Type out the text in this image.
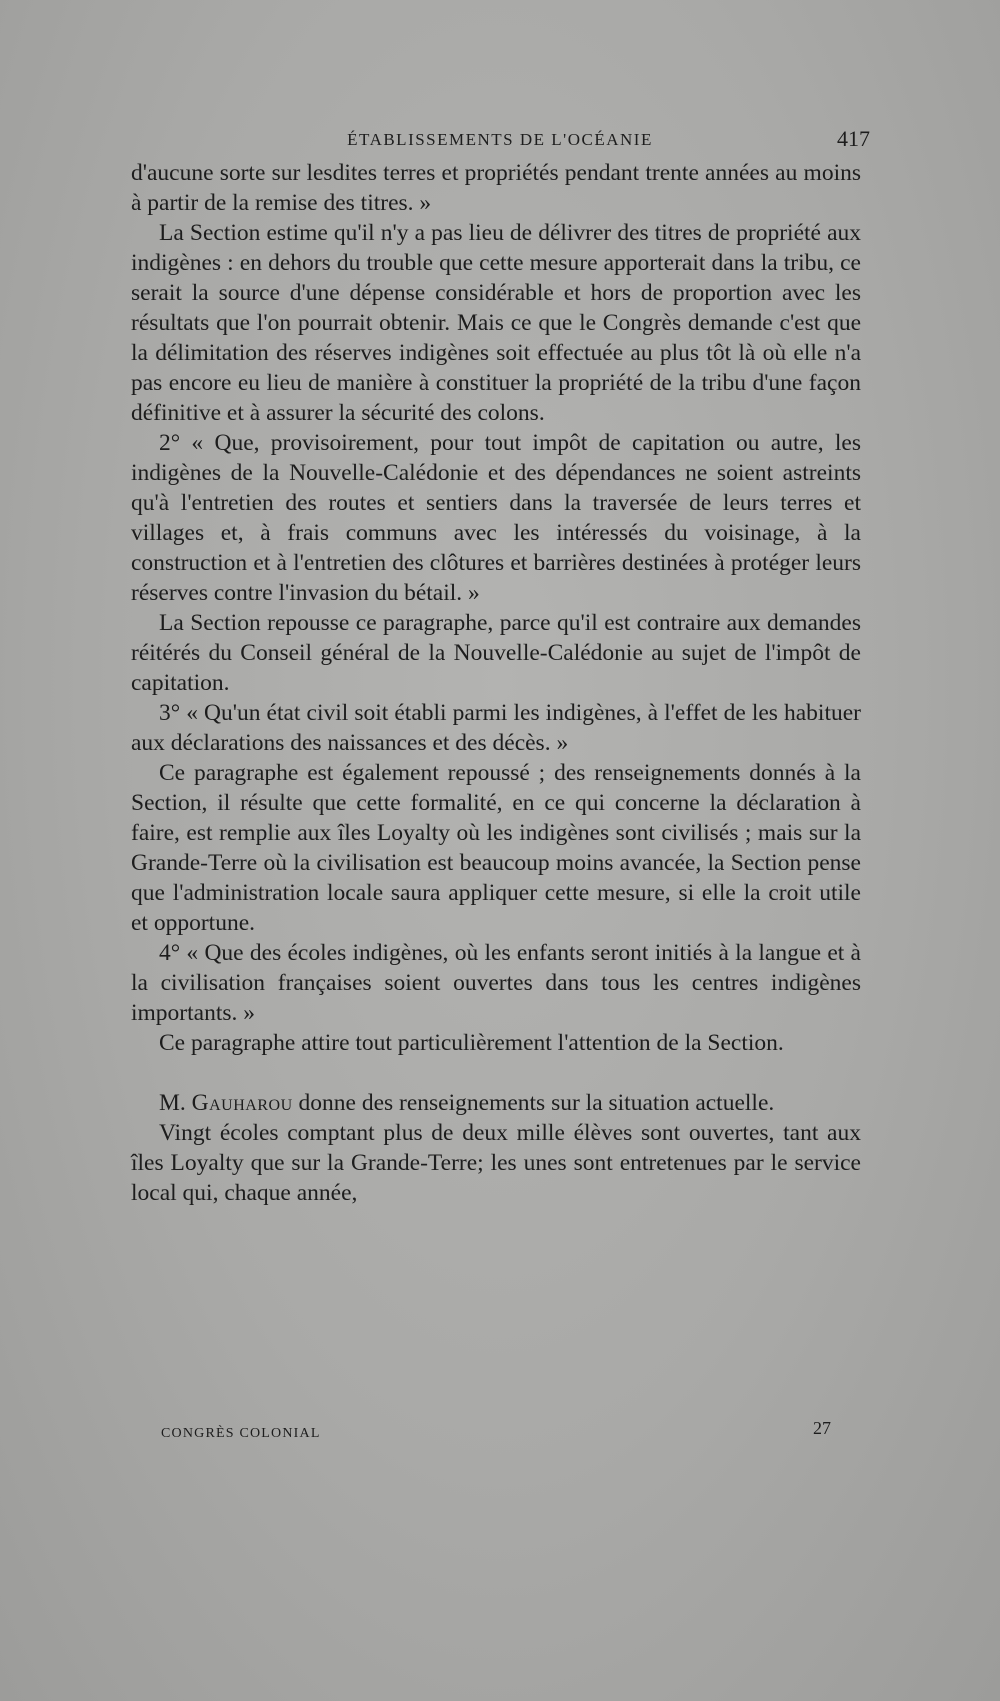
ÉTABLISSEMENTS DE L'OCÉANIE	417

d'aucune sorte sur lesdites terres et propriétés pendant trente années au moins à partir de la remise des titres. »

La Section estime qu'il n'y a pas lieu de délivrer des titres de propriété aux indigènes : en dehors du trouble que cette mesure apporterait dans la tribu, ce serait la source d'une dépense considérable et hors de proportion avec les résultats que l'on pourrait obtenir. Mais ce que le Congrès demande c'est que la délimitation des réserves indigènes soit effectuée au plus tôt là où elle n'a pas encore eu lieu de manière à constituer la propriété de la tribu d'une façon définitive et à assurer la sécurité des colons.

2° « Que, provisoirement, pour tout impôt de capitation ou autre, les indigènes de la Nouvelle-Calédonie et des dépendances ne soient astreints qu'à l'entretien des routes et sentiers dans la traversée de leurs terres et villages et, à frais communs avec les intéressés du voisinage, à la construction et à l'entretien des clôtures et barrières destinées à protéger leurs réserves contre l'invasion du bétail. »

La Section repousse ce paragraphe, parce qu'il est contraire aux demandes réitérés du Conseil général de la Nouvelle-Calédonie au sujet de l'impôt de capitation.

3° « Qu'un état civil soit établi parmi les indigènes, à l'effet de les habituer aux déclarations des naissances et des décès. »

Ce paragraphe est également repoussé ; des renseignements donnés à la Section, il résulte que cette formalité, en ce qui concerne la déclaration à faire, est remplie aux îles Loyalty où les indigènes sont civilisés ; mais sur la Grande-Terre où la civilisation est beaucoup moins avancée, la Section pense que l'administration locale saura appliquer cette mesure, si elle la croit utile et opportune.

4° « Que des écoles indigènes, où les enfants seront initiés à la langue et à la civilisation françaises soient ouvertes dans tous les centres indigènes importants. »

Ce paragraphe attire tout particulièrement l'attention de la Section.

M. Gauharou donne des renseignements sur la situation actuelle.

Vingt écoles comptant plus de deux mille élèves sont ouvertes, tant aux îles Loyalty que sur la Grande-Terre; les unes sont entretenues par le service local qui, chaque année,

CONGRÈS COLONIAL	27
